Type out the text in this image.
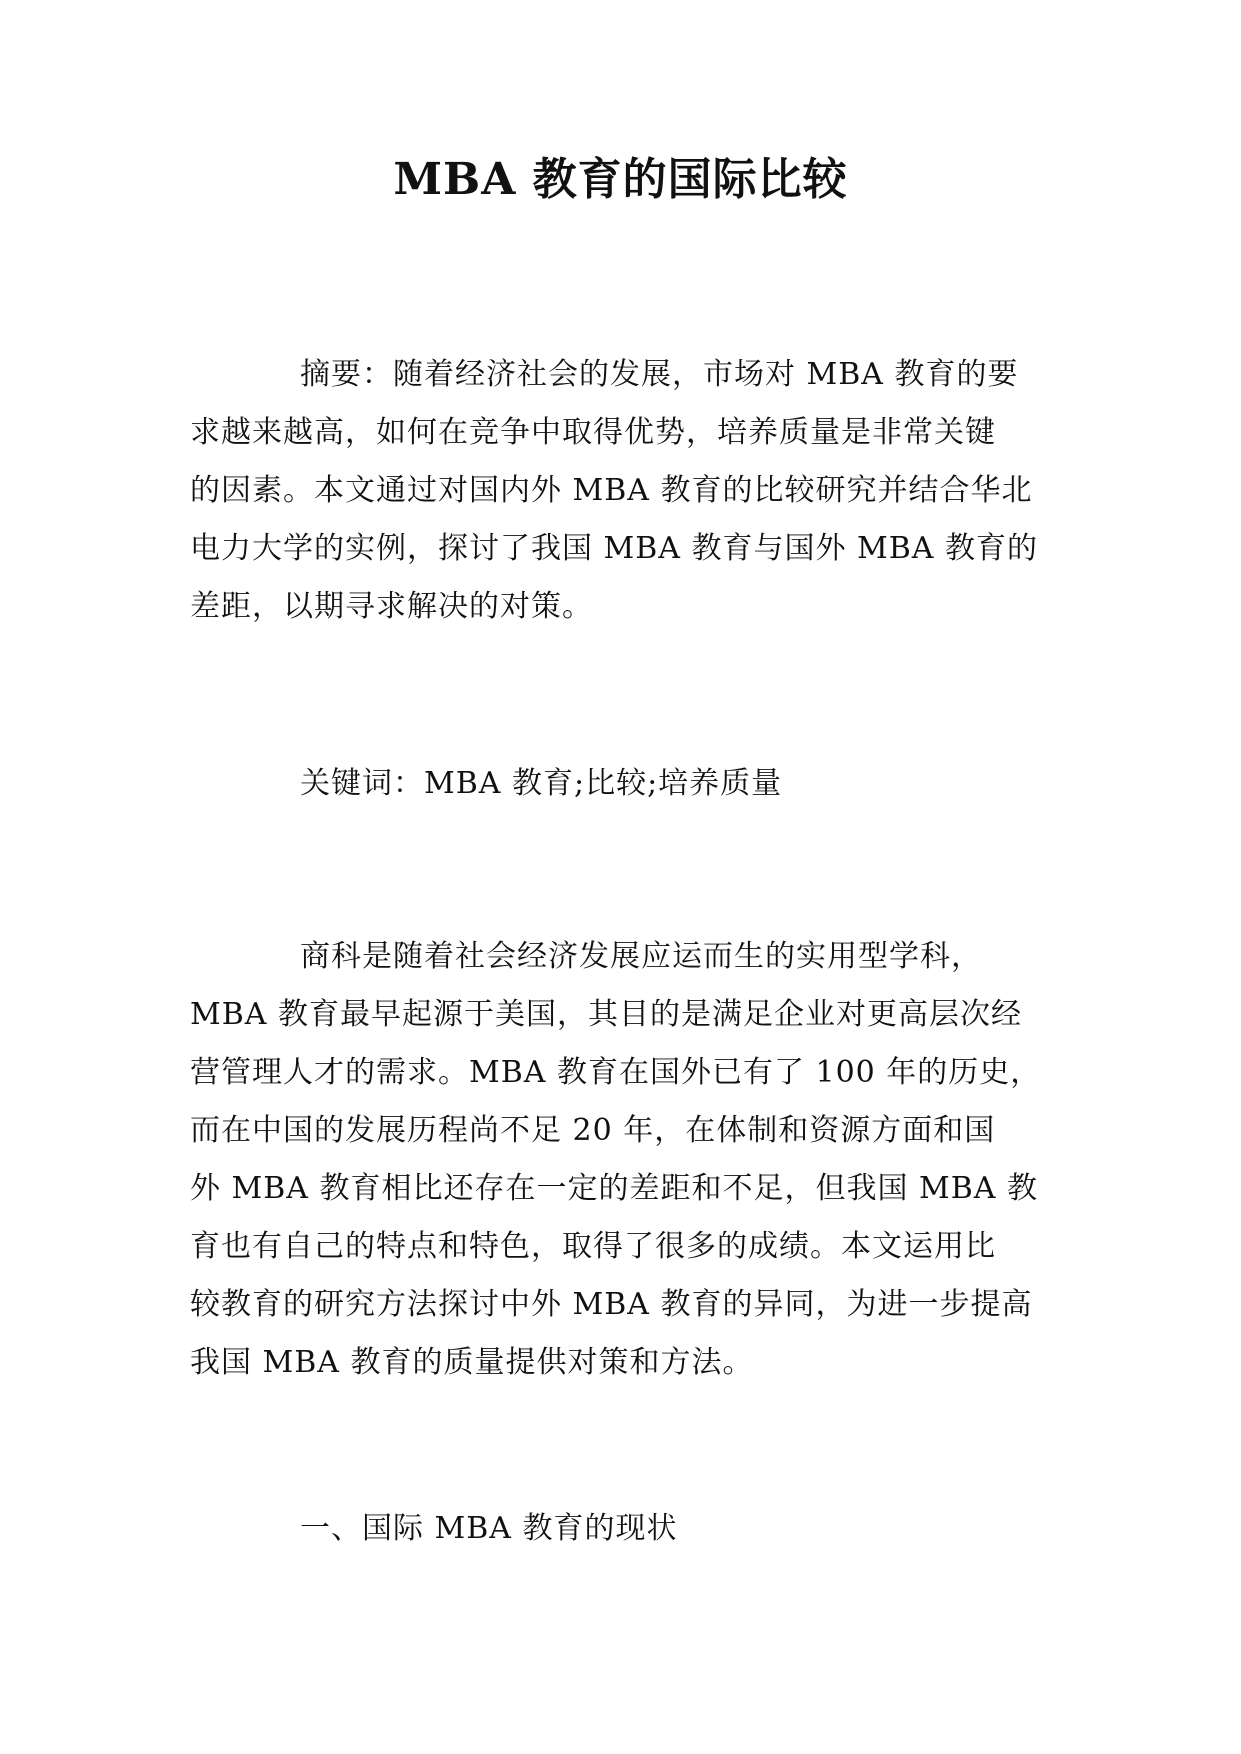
MBA 教育的国际比较
摘要：随着经济社会的发展，市场对 MBA 教育的要
求越来越高，如何在竞争中取得优势，培养质量是非常关键
的因素。本文通过对国内外 MBA 教育的比较研究并结合华北
电力大学的实例，探讨了我国 MBA 教育与国外 MBA 教育的
差距，以期寻求解决的对策。
关键词：MBA 教育;比较;培养质量
商科是随着社会经济发展应运而生的实用型学科，
MBA 教育最早起源于美国，其目的是满足企业对更高层次经
营管理人才的需求。MBA 教育在国外已有了 100 年的历史，
而在中国的发展历程尚不足 20 年，在体制和资源方面和国
外 MBA 教育相比还存在一定的差距和不足，但我国 MBA 教
育也有自己的特点和特色，取得了很多的成绩。本文运用比
较教育的研究方法探讨中外 MBA 教育的异同，为进一步提高
我国 MBA 教育的质量提供对策和方法。
一、国际 MBA 教育的现状
